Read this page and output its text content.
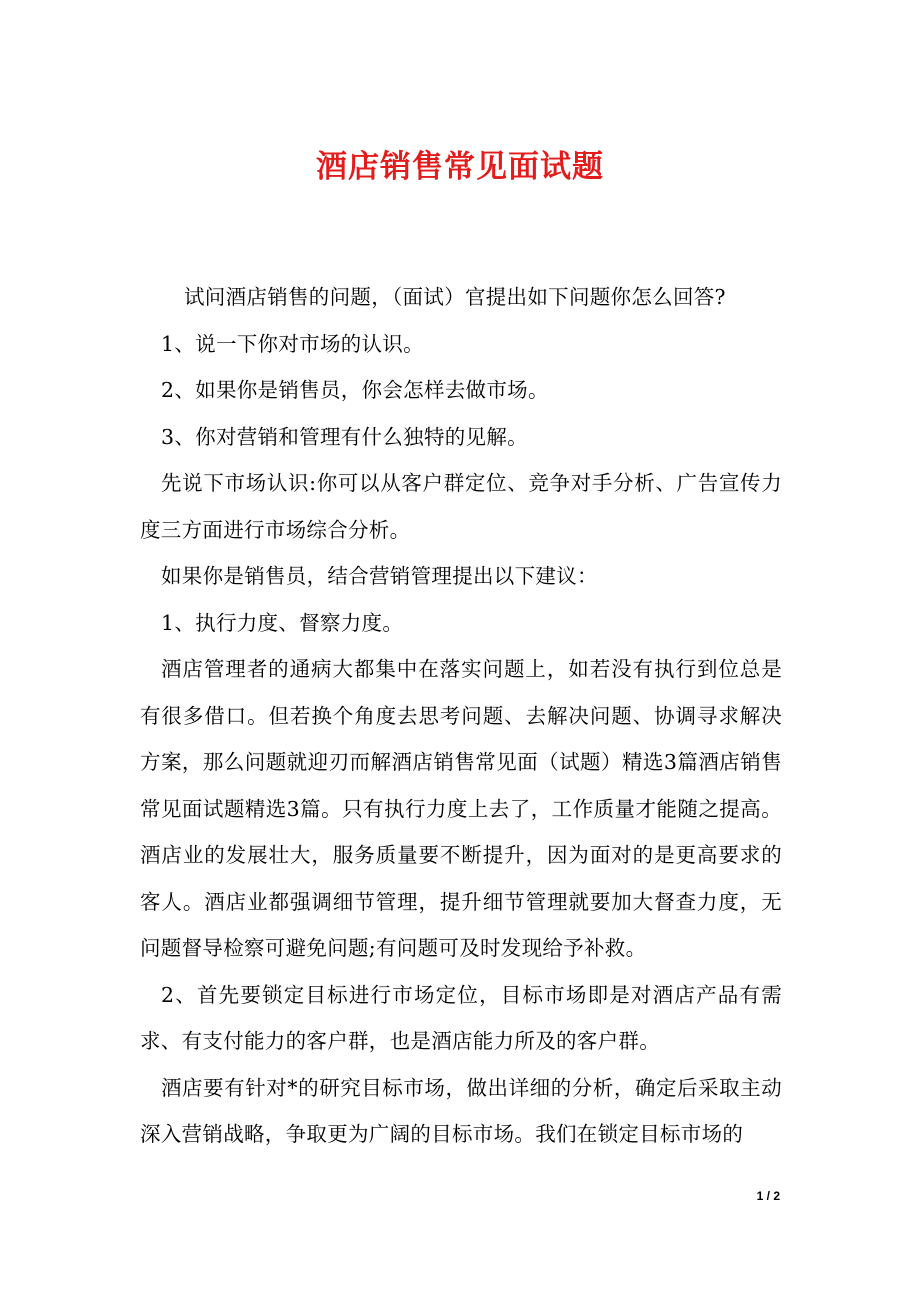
酒店销售常见面试题

试问酒店销售的问题，（面试）官提出如下问题你怎么回答?

1、说一下你对市场的认识。

2、如果你是销售员，你会怎样去做市场。

3、你对营销和管理有什么独特的见解。

先说下市场认识:你可以从客户群定位、竞争对手分析、广告宣传力度三方面进行市场综合分析。

如果你是销售员，结合营销管理提出以下建议：

1、执行力度、督察力度。

酒店管理者的通病大都集中在落实问题上，如若没有执行到位总是有很多借口。但若换个角度去思考问题、去解决问题、协调寻求解决方案，那么问题就迎刃而解酒店销售常见面（试题）精选3篇酒店销售常见面试题精选3篇。只有执行力度上去了，工作质量才能随之提高。酒店业的发展壮大，服务质量要不断提升，因为面对的是更高要求的客人。酒店业都强调细节管理，提升细节管理就要加大督查力度，无问题督导检察可避免问题;有问题可及时发现给予补救。

2、首先要锁定目标进行市场定位，目标市场即是对酒店产品有需求、有支付能力的客户群，也是酒店能力所及的客户群。

酒店要有针对*的研究目标市场，做出详细的分析，确定后采取主动深入营销战略，争取更为广阔的目标市场。我们在锁定目标市场的

1 / 2
